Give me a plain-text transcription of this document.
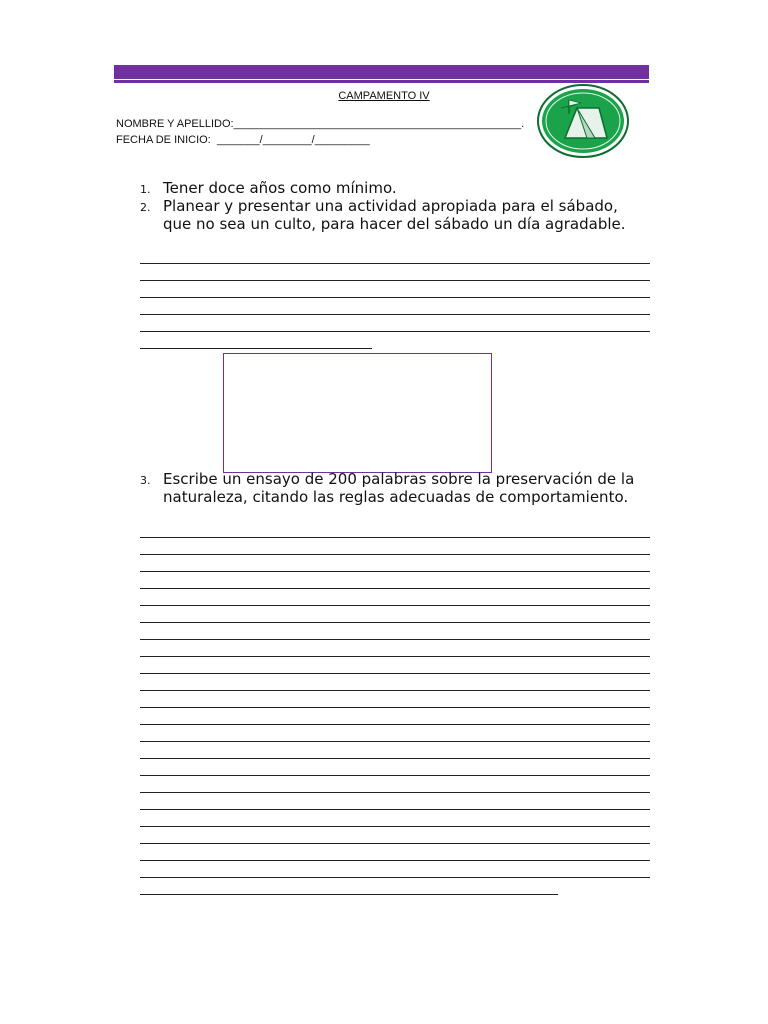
CAMPAMENTO IV
NOMBRE Y APELLIDO:_______________________________________________.
FECHA DE INICIO:  _______/________/_________
1. Tener doce años como mínimo.
2. Planear y presentar una actividad apropiada para el sábado,
que no sea un culto, para hacer del sábado un día agradable.
3. Escribe un ensayo de 200 palabras sobre la preservación de la
naturaleza, citando las reglas adecuadas de comportamiento.
